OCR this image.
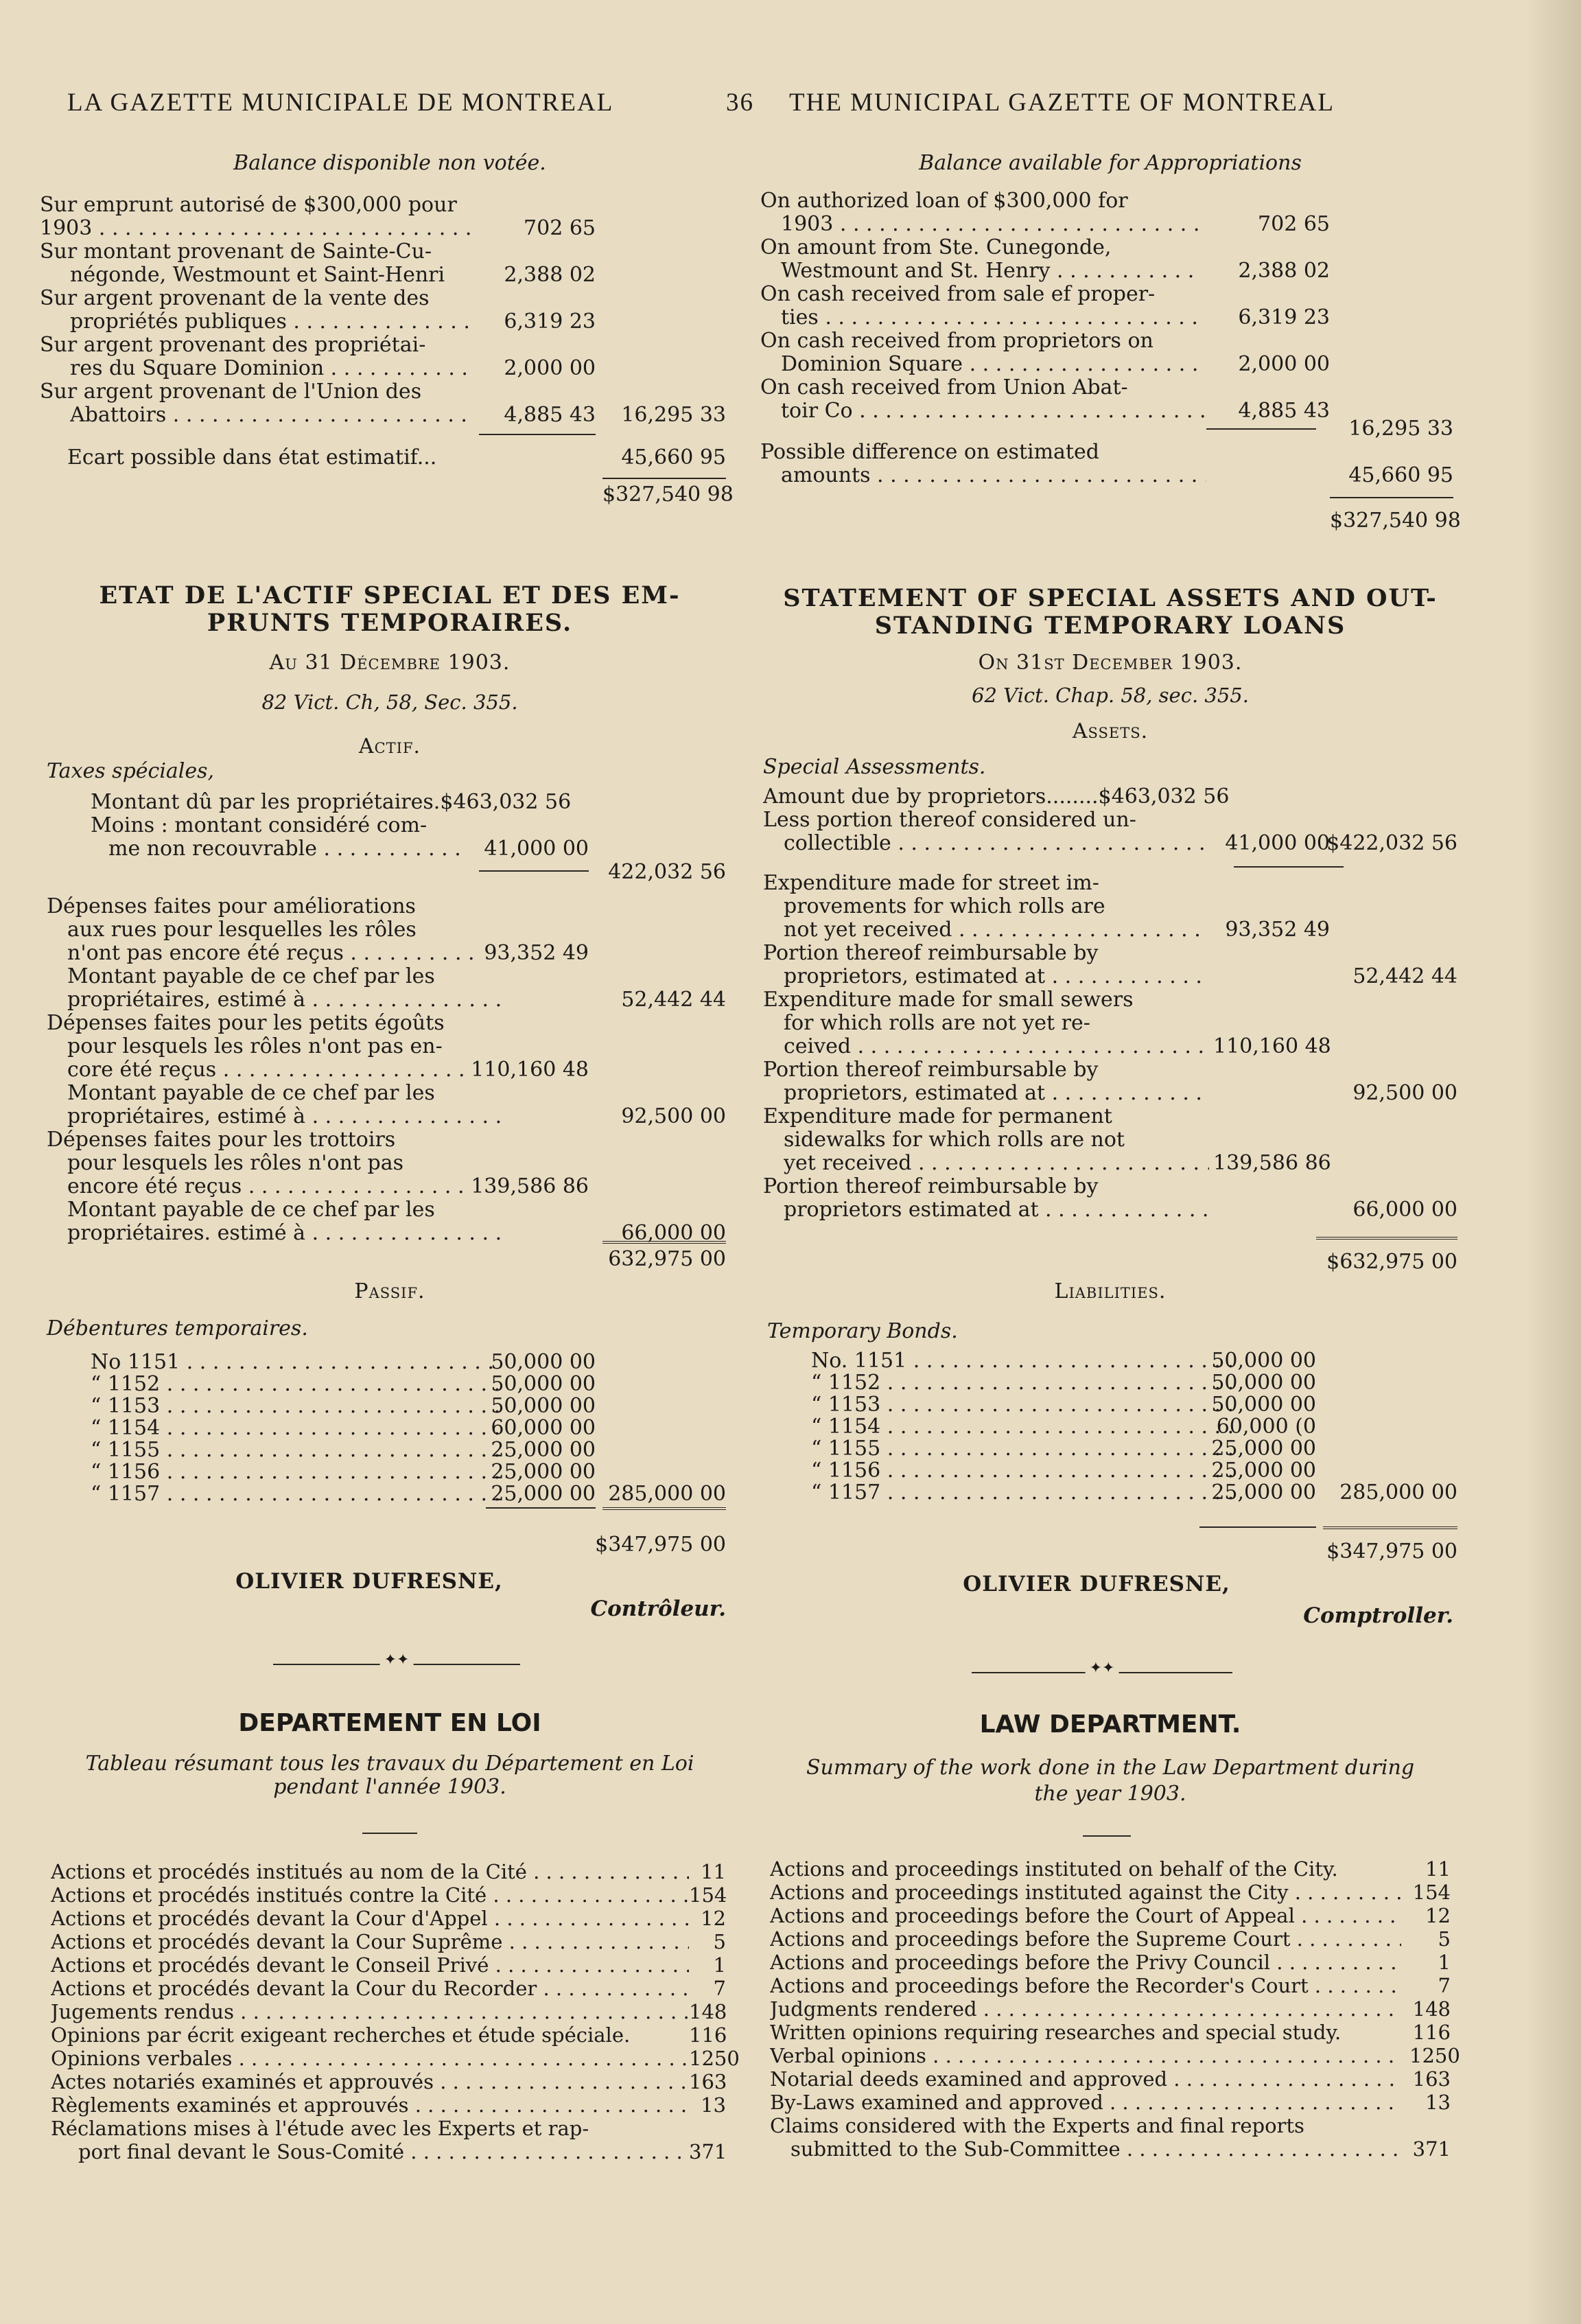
LA GAZETTE MUNICIPALE DE MONTREAL	36 THE MUNICIPAL GAZETTE OF MONTREAL
Balance disponible non votée.
Sur emprunt autorisé de $300,000 pour
1903 . . .	702 65
Sur montant provenant de Sainte-Cu-
négonde, Westmount et Saint-Henri	2,388 02
Sur argent provenant de la vente des
propriétés publiques . . .	6,319 23
Sur argent provenant des propriétai-
res du Square Dominion . . .	2,000 00
Sur argent provenant de l'Union des
Abattoirs . . .	4,885 43	16,295 33
Ecart possible dans état estimatif...	45,660 95
$327,540 98
ETAT DE L'ACTIF SPECIAL ET DES EM-
PRUNTS TEMPORAIRES.
Au 31 Décembre 1903.
82 Vict. Ch, 58, Sec. 355.
Actif.
Taxes spéciales,
Montant dû par les propriétaires.$463,032 56
Moins : montant considéré com-
me non recouvrable . . .	41,000 00
422,032 56
Dépenses faites pour améliorations
aux rues pour lesquelles les rôles
n'ont pas encore été reçus . . .	93,352 49
Montant payable de ce chef par les
propriétaires, estimé à . . .	52,442 44
Dépenses faites pour les petits égoûts
pour lesquels les rôles n'ont pas en-
core été reçus . . .	110,160 48
Montant payable de ce chef par les
propriétaires, estimé à . . .	92,500 00
Dépenses faites pour les trottoirs
pour lesquels les rôles n'ont pas
encore été reçus . . .	139,586 86
Montant payable de ce chef par les
propriétaires. estimé à . . .	66,000 00
632,975 00
Passif.
Débentures temporaires.
No 1151 . . .	50,000 00
“ 1152 . . .	50,000 00
“ 1153 . . .	50,000 00
“ 1154 . . .	60,000 00
“ 1155 . . .	25,000 00
“ 1156 . . .	25,000 00
“ 1157 . . .	25,000 00 285,000 00
$347,975 00
OLIVIER DUFRESNE,
Contrôleur.
✦✦
DEPARTEMENT EN LOI
Tableau résumant tous les travaux du Département en Loi
pendant l'année 1903.
Actions et procédés institués au nom de la Cité . . .	11
Actions et procédés institués contre la Cité . . .	154
Actions et procédés devant la Cour d'Appel . . .	12
Actions et procédés devant la Cour Suprême . . .	5
Actions et procédés devant le Conseil Privé . . .	1
Actions et procédés devant la Cour du Recorder . . .	7
Jugements rendus . . .	148
Opinions par écrit exigeant recherches et étude spéciale.	116
Opinions verbales . . .	1250
Actes notariés examinés et approuvés . . .	163
Règlements examinés et approuvés . . .	13
Réclamations mises à l'étude avec les Experts et rap-
port final devant le Sous-Comité . . .	371
Balance available for Appropriations
On authorized loan of $300,000 for
1903 . . .	702 65
On amount from Ste. Cunegonde,
Westmount and St. Henry . . .	2,388 02
On cash received from sale ef proper-
ties . . .	6,319 23
On cash received from proprietors on
Dominion Square . . .	2,000 00
On cash received from Union Abat-
toir Co . . .	4,885 43
16,295 33
Possible difference on estimated
amounts . . .	45,660 95
$327,540 98
STATEMENT OF SPECIAL ASSETS AND OUT-
STANDING TEMPORARY LOANS
On 31st December 1903.
62 Vict. Chap. 58, sec. 355.
Assets.
Special Assessments.
Amount due by proprietors........$463,032 56
Less portion thereof considered un-
collectible . . .	41,000 00
$422,032 56
Expenditure made for street im-
provements for which rolls are
not yet received . . .	93,352 49
Portion thereof reimbursable by
proprietors, estimated at . . .	52,442 44
Expenditure made for small sewers
for which rolls are not yet re-
ceived . . .	110,160 48
Portion thereof reimbursable by
proprietors, estimated at . . .	92,500 00
Expenditure made for permanent
sidewalks for which rolls are not
yet received . . .	139,586 86
Portion thereof reimbursable by
proprietors estimated at . . .	66,000 00
$632,975 00
Liabilities.
Temporary Bonds.
No. 1151 . . .	50,000 00
“ 1152 . . .	50,000 00
“ 1153 . . .	50,000 00
“ 1154 . . .	60,000 (0
“ 1155 . . .	25,000 00
“ 1156 . . .	25,000 00
“ 1157 . . .	25,000 00	285,000 00
$347,975 00
OLIVIER DUFRESNE,
Comptroller.
✦✦
LAW DEPARTMENT.
Summary of the work done in the Law Department during
the year 1903.
Actions and proceedings instituted on behalf of the City.	11
Actions and proceedings instituted against the City . . .	154
Actions and proceedings before the Court of Appeal . . .	12
Actions and proceedings before the Supreme Court . . .	5
Actions and proceedings before the Privy Council . . .	1
Actions and proceedings before the Recorder's Court . . .	7
Judgments rendered . . .	148
Written opinions requiring researches and special study.	116
Verbal opinions . . .	1250
Notarial deeds examined and approved . . .	163
By-Laws examined and approved . . .	13
Claims considered with the Experts and final reports
submitted to the Sub-Committee . . .	371
